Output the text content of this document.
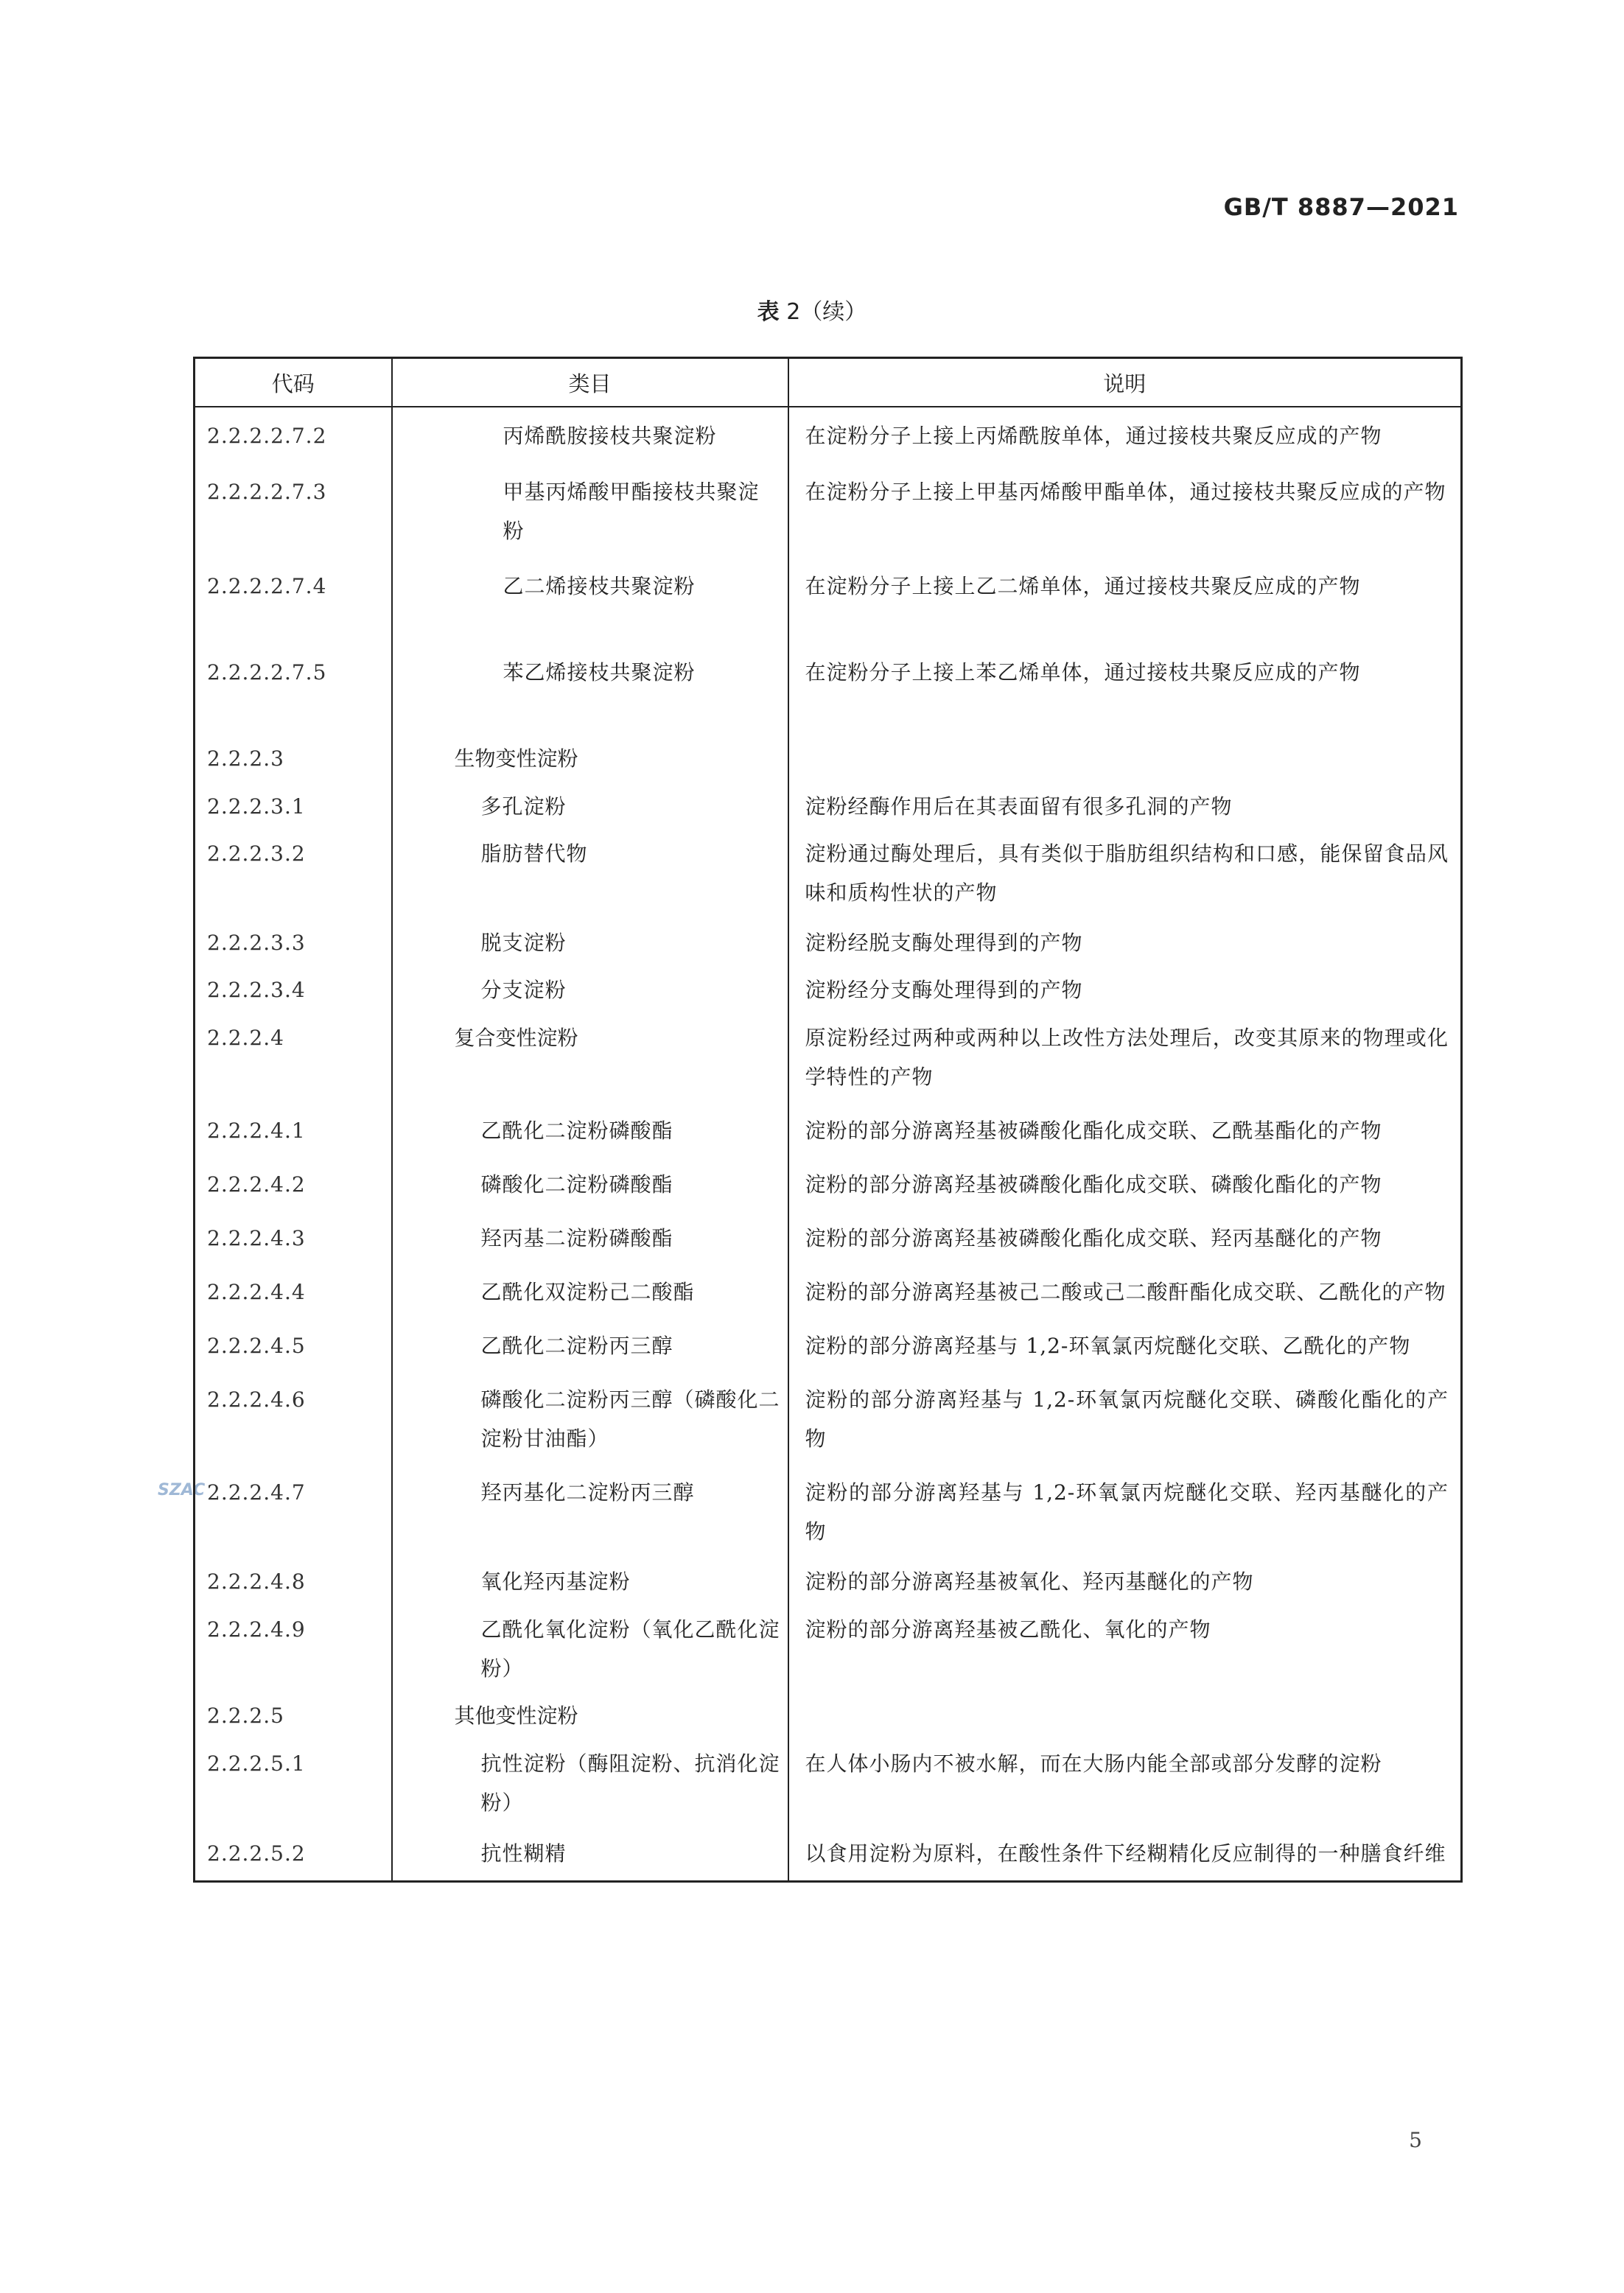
GB/T 8887—2021
表 2（续）
SZAC
代码	类目	说明
2.2.2.2.7.2	丙烯酰胺接枝共聚淀粉	在淀粉分子上接上丙烯酰胺单体，通过接枝共聚反应成的产物
2.2.2.2.7.3	甲基丙烯酸甲酯接枝共聚淀粉	在淀粉分子上接上甲基丙烯酸甲酯单体，通过接枝共聚反应成的产物
2.2.2.2.7.4	乙二烯接枝共聚淀粉	在淀粉分子上接上乙二烯单体，通过接枝共聚反应成的产物
2.2.2.2.7.5	苯乙烯接枝共聚淀粉	在淀粉分子上接上苯乙烯单体，通过接枝共聚反应成的产物
2.2.2.3	生物变性淀粉	
2.2.2.3.1	多孔淀粉	淀粉经酶作用后在其表面留有很多孔洞的产物
2.2.2.3.2	脂肪替代物	淀粉通过酶处理后，具有类似于脂肪组织结构和口感，能保留食品风味和质构性状的产物
2.2.2.3.3	脱支淀粉	淀粉经脱支酶处理得到的产物
2.2.2.3.4	分支淀粉	淀粉经分支酶处理得到的产物
2.2.2.4	复合变性淀粉	原淀粉经过两种或两种以上改性方法处理后，改变其原来的物理或化学特性的产物
2.2.2.4.1	乙酰化二淀粉磷酸酯	淀粉的部分游离羟基被磷酸化酯化成交联、乙酰基酯化的产物
2.2.2.4.2	磷酸化二淀粉磷酸酯	淀粉的部分游离羟基被磷酸化酯化成交联、磷酸化酯化的产物
2.2.2.4.3	羟丙基二淀粉磷酸酯	淀粉的部分游离羟基被磷酸化酯化成交联、羟丙基醚化的产物
2.2.2.4.4	乙酰化双淀粉己二酸酯	淀粉的部分游离羟基被己二酸或己二酸酐酯化成交联、乙酰化的产物
2.2.2.4.5	乙酰化二淀粉丙三醇	淀粉的部分游离羟基与 1,2-环氧氯丙烷醚化交联、乙酰化的产物
2.2.2.4.6	磷酸化二淀粉丙三醇（磷酸化二淀粉甘油酯）	淀粉的部分游离羟基与 1,2-环氧氯丙烷醚化交联、磷酸化酯化的产物
2.2.2.4.7	羟丙基化二淀粉丙三醇	淀粉的部分游离羟基与 1,2-环氧氯丙烷醚化交联、羟丙基醚化的产物
2.2.2.4.8	氧化羟丙基淀粉	淀粉的部分游离羟基被氧化、羟丙基醚化的产物
2.2.2.4.9	乙酰化氧化淀粉（氧化乙酰化淀粉）	淀粉的部分游离羟基被乙酰化、氧化的产物
2.2.2.5	其他变性淀粉	
2.2.2.5.1	抗性淀粉（酶阻淀粉、抗消化淀粉）	在人体小肠内不被水解，而在大肠内能全部或部分发酵的淀粉
2.2.2.5.2	抗性糊精	以食用淀粉为原料，在酸性条件下经糊精化反应制得的一种膳食纤维
5
